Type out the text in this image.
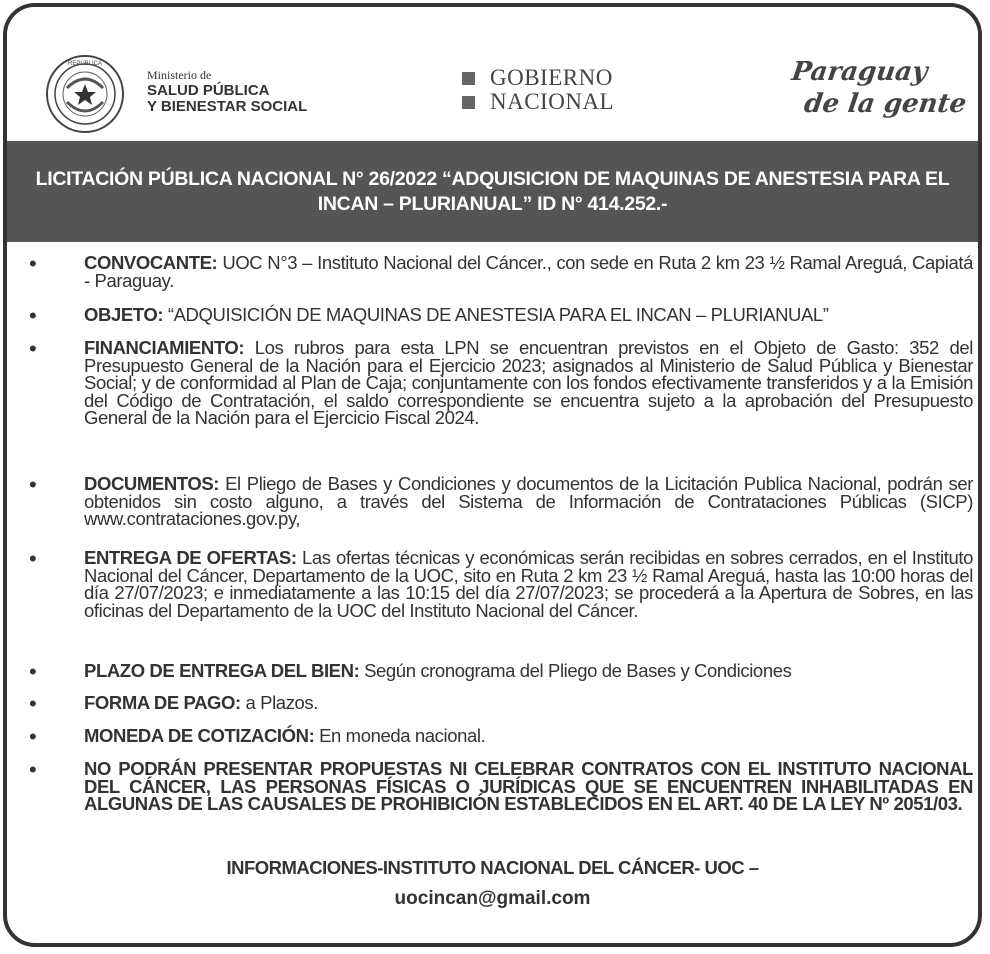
REPÚBLICA
Ministerio de
SALUD PÚBLICA
Y BIENESTAR SOCIAL
GOBIERNO
NACIONAL
Paraguay
de la gente
LICITACIÓN PÚBLICA NACIONAL N° 26/2022 “ADQUISICION DE MAQUINAS DE ANESTESIA PARA EL INCAN – PLURIANUAL” ID N° 414.252.-
•	CONVOCANTE: UOC N°3 – Instituto Nacional del Cáncer., con sede en Ruta 2 km 23 ½ Ramal Areguá, Capiatá - Paraguay.
•	OBJETO: “ADQUISICIÓN DE MAQUINAS DE ANESTESIA PARA EL INCAN – PLURIANUAL”
•	FINANCIAMIENTO: Los rubros para esta LPN se encuentran previstos en el Objeto de Gasto: 352 del Presupuesto General de la Nación para el Ejercicio 2023; asignados al Ministerio de Salud Pública y Bienestar Social; y de conformidad al Plan de Caja; conjuntamente con los fondos efectivamente transferidos y a la Emisión del Código de Contratación, el saldo correspondiente se encuentra sujeto a la aprobación del Presupuesto General de la Nación para el Ejercicio Fiscal 2024.
•	DOCUMENTOS: El Pliego de Bases y Condiciones y documentos de la Licitación Publica Nacional, podrán ser obtenidos sin costo alguno, a través del Sistema de Información de Contrataciones Públicas (SICP) www.contrataciones.gov.py,
•	ENTREGA DE OFERTAS: Las ofertas técnicas y económicas serán recibidas en sobres cerrados, en el Instituto Nacional del Cáncer, Departamento de la UOC, sito en Ruta 2 km 23 ½ Ramal Areguá, hasta las 10:00 horas del día 27/07/2023; e inmediatamente a las 10:15 del día 27/07/2023; se procederá a la Apertura de Sobres, en las oficinas del Departamento de la UOC del Instituto Nacional del Cáncer.
•	PLAZO DE ENTREGA DEL BIEN: Según cronograma del Pliego de Bases y Condiciones
•	FORMA DE PAGO: a Plazos.
•	MONEDA DE COTIZACIÓN: En moneda nacional.
•	NO PODRÁN PRESENTAR PROPUESTAS NI CELEBRAR CONTRATOS CON EL INSTITUTO NACIONAL DEL CÁNCER, LAS PERSONAS FÍSICAS O JURÍDICAS QUE SE ENCUENTREN INHABILITADAS EN ALGUNAS DE LAS CAUSALES DE PROHIBICIÓN ESTABLECIDOS EN EL ART. 40 DE LA LEY Nº 2051/03.
INFORMACIONES-INSTITUTO NACIONAL DEL CÁNCER- UOC –
uocincan@gmail.com
